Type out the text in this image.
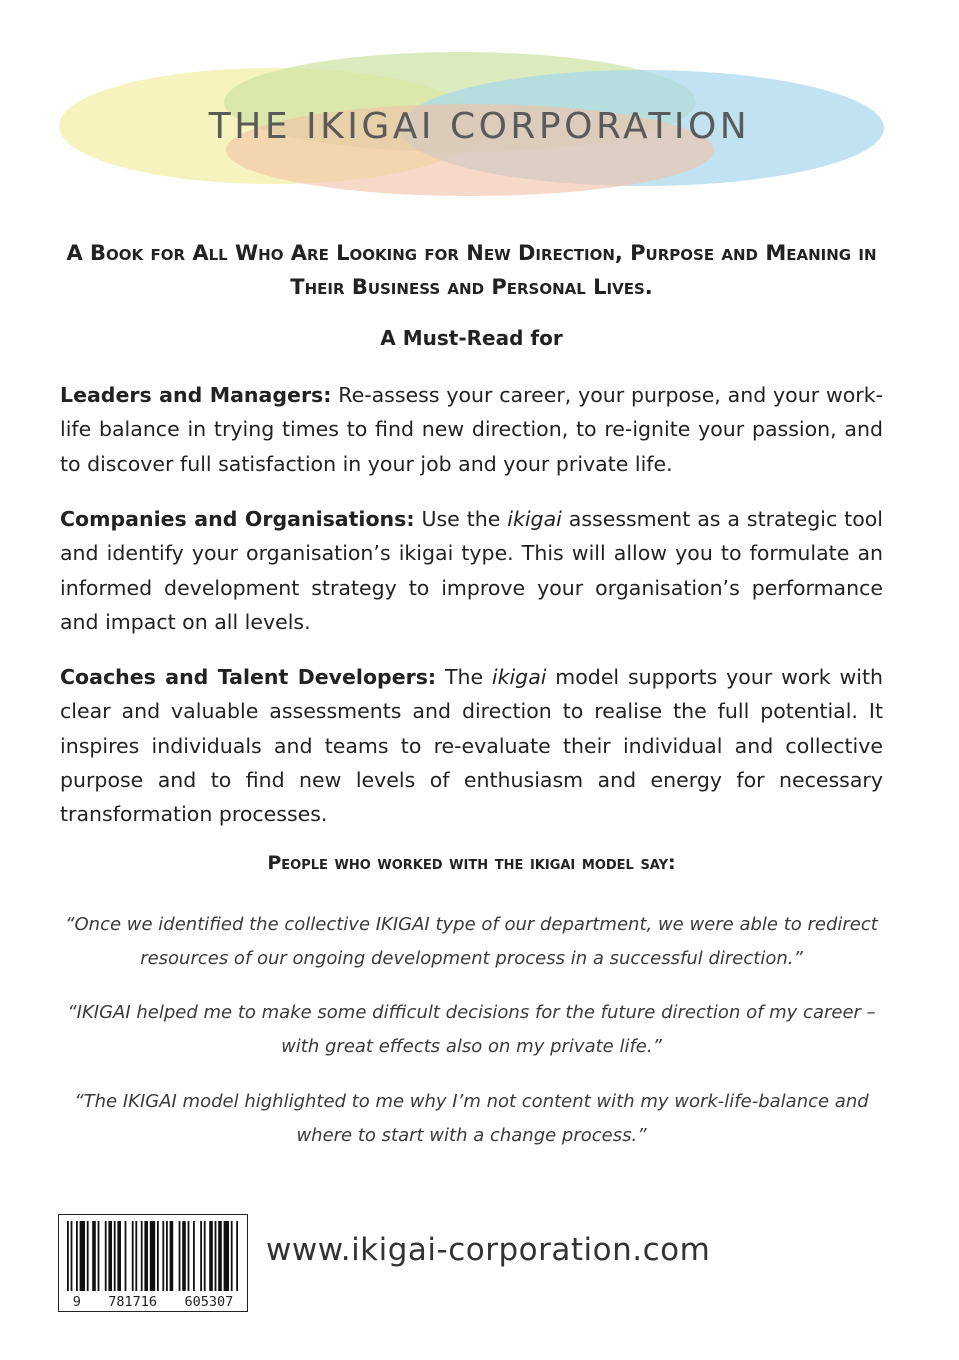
THE IKIGAI CORPORATION

A Book for All Who Are Looking for New Direction, Purpose and Meaning in Their Business and Personal Lives.

A Must-Read for

Leaders and Managers: Re-assess your career, your purpose, and your work-life balance in trying times to find new direction, to re-ignite your passion, and to discover full satisfaction in your job and your private life.

Companies and Organisations: Use the ikigai assessment as a strategic tool and identify your organisation’s ikigai type. This will allow you to formulate an informed development strategy to improve your organisation’s performance and impact on all levels.

Coaches and Talent Developers: The ikigai model supports your work with clear and valuable assessments and direction to realise the full potential. It inspires individuals and teams to re-evaluate their individual and collective purpose and to find new levels of enthusiasm and energy for necessary transformation processes.

People who worked with the ikigai model say:

“Once we identified the collective IKIGAI type of our department, we were able to redirect resources of our ongoing development process in a successful direction.”

“IKIGAI helped me to make some difficult decisions for the future direction of my career – with great effects also on my private life.”

“The IKIGAI model highlighted to me why I’m not content with my work-life-balance and where to start with a change process.”

9 781716 605307

www.ikigai-corporation.com
